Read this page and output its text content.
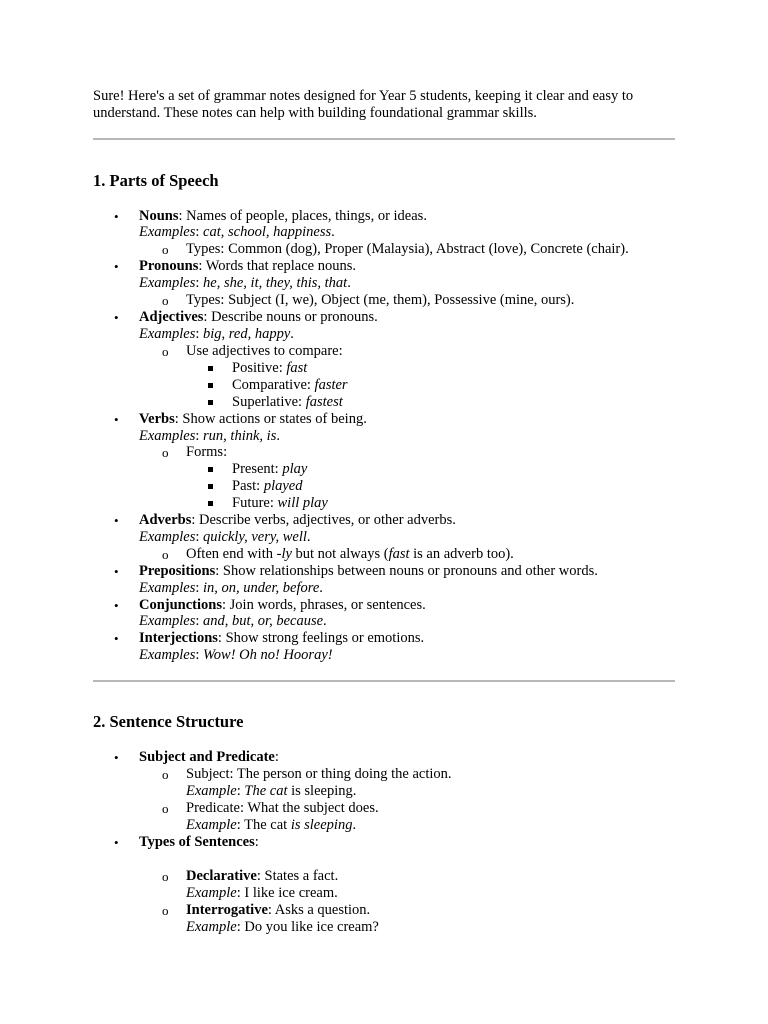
Sure! Here's a set of grammar notes designed for Year 5 students, keeping it clear and easy to
understand. These notes can help with building foundational grammar skills.
1. Parts of Speech
• Nouns: Names of people, places, things, or ideas.
Examples: cat, school, happiness.
o Types: Common (dog), Proper (Malaysia), Abstract (love), Concrete (chair).
• Pronouns: Words that replace nouns.
Examples: he, she, it, they, this, that.
o Types: Subject (I, we), Object (me, them), Possessive (mine, ours).
• Adjectives: Describe nouns or pronouns.
Examples: big, red, happy.
o Use adjectives to compare:
Positive: fast
Comparative: faster
Superlative: fastest
• Verbs: Show actions or states of being.
Examples: run, think, is.
o Forms:
Present: play
Past: played
Future: will play
• Adverbs: Describe verbs, adjectives, or other adverbs.
Examples: quickly, very, well.
o Often end with -ly but not always (fast is an adverb too).
• Prepositions: Show relationships between nouns or pronouns and other words.
Examples: in, on, under, before.
• Conjunctions: Join words, phrases, or sentences.
Examples: and, but, or, because.
• Interjections: Show strong feelings or emotions.
Examples: Wow! Oh no! Hooray!
2. Sentence Structure
• Subject and Predicate:
o Subject: The person or thing doing the action.
Example: The cat is sleeping.
o Predicate: What the subject does.
Example: The cat is sleeping.
• Types of Sentences:
o Declarative: States a fact.
Example: I like ice cream.
o Interrogative: Asks a question.
Example: Do you like ice cream?
